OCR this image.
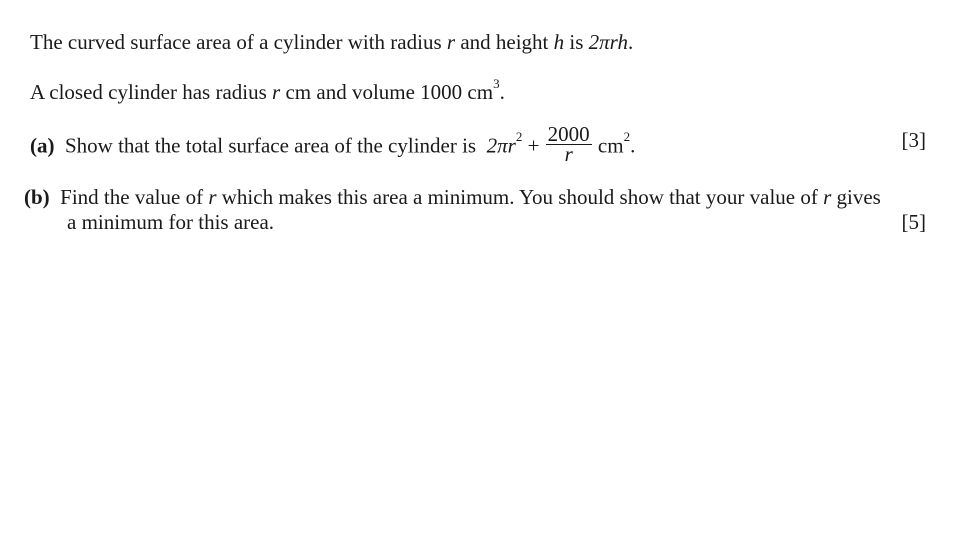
The curved surface area of a cylinder with radius r and height h is 2πrh.
A closed cylinder has radius r cm and volume 1000 $cm^3$.
(a) Show that the total surface area of the cylinder is  $2\pi r^2 + \frac{2000}{r} cm^2$.	[3]
(b) Find the value of r which makes this area a minimum. You should show that your value of r gives
a minimum for this area.	[5]
